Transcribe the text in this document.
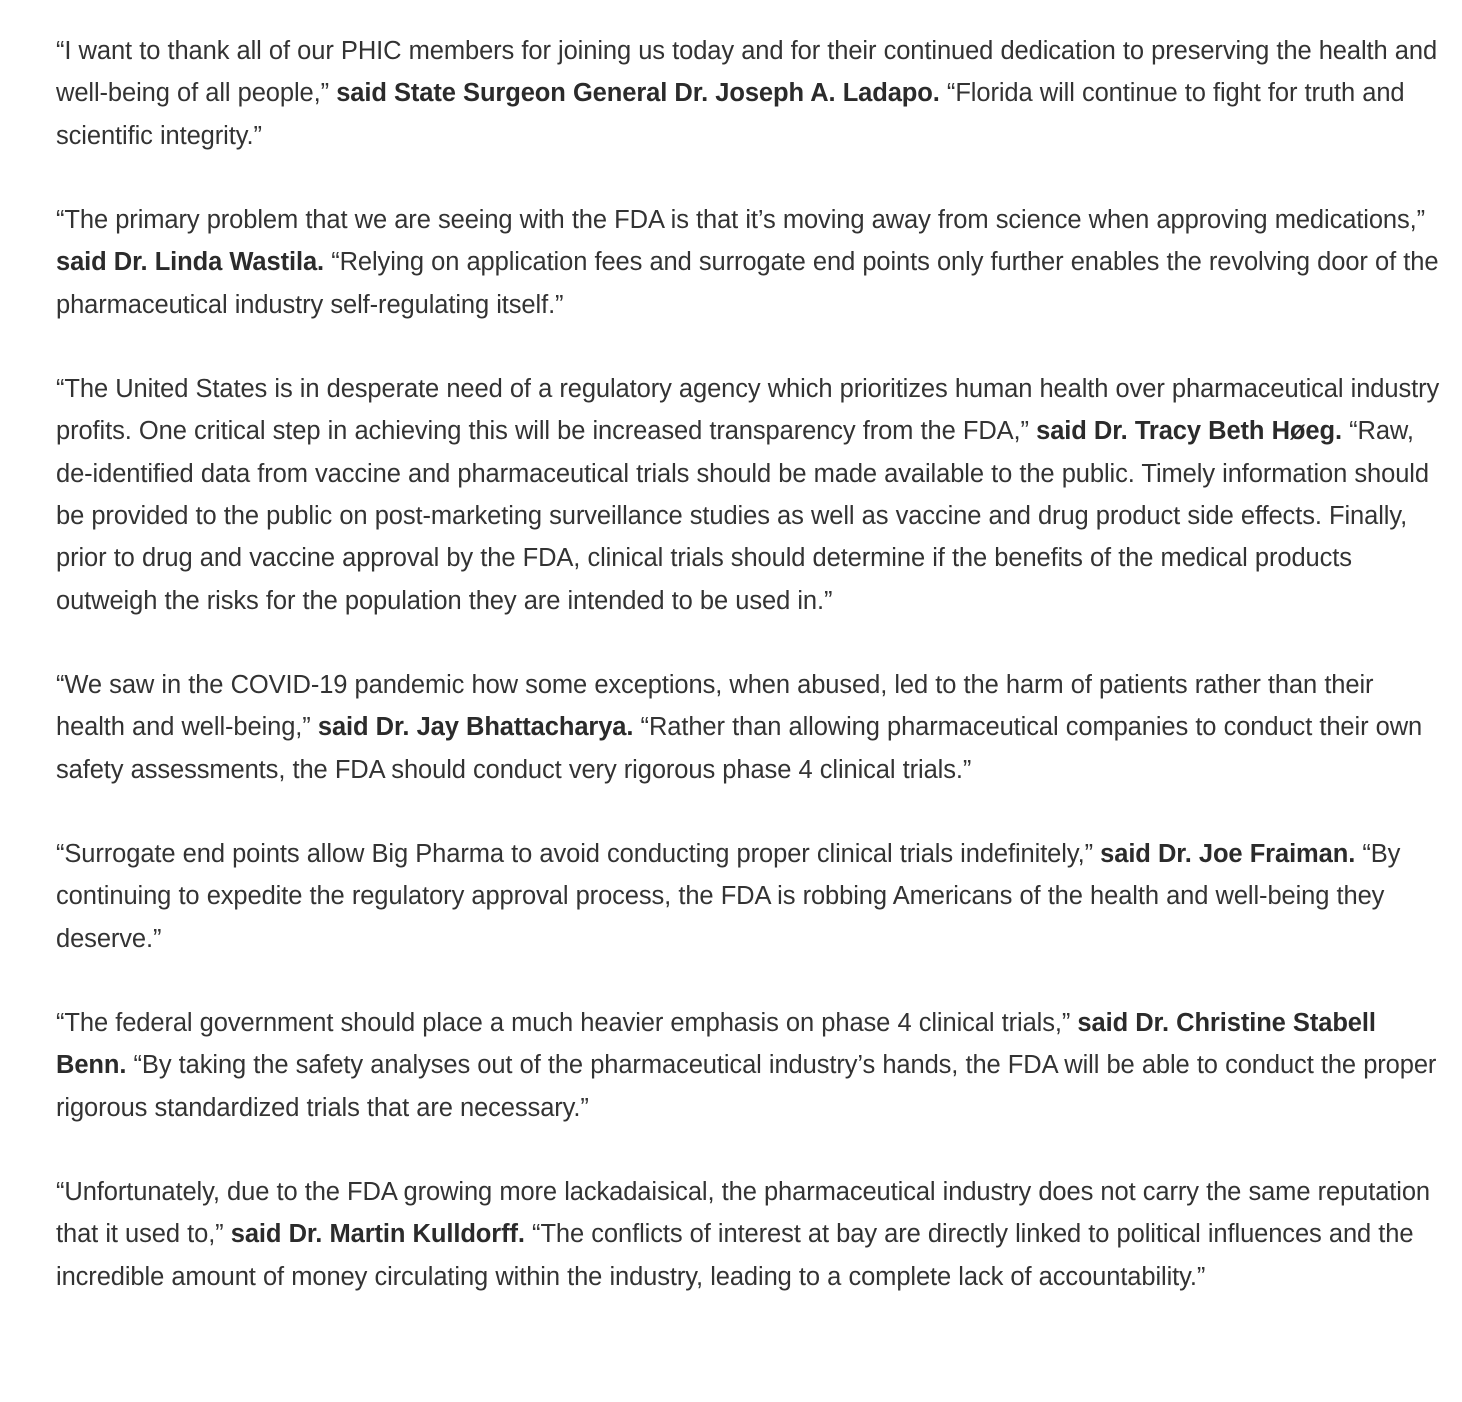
“I want to thank all of our PHIC members for joining us today and for their continued dedication to preserving the health and well-being of all people,” said State Surgeon General Dr. Joseph A. Ladapo. “Florida will continue to fight for truth and scientific integrity.”

“The primary problem that we are seeing with the FDA is that it’s moving away from science when approving medications,” said Dr. Linda Wastila. “Relying on application fees and surrogate end points only further enables the revolving door of the pharmaceutical industry self-regulating itself.”

“The United States is in desperate need of a regulatory agency which prioritizes human health over pharmaceutical industry profits. One critical step in achieving this will be increased transparency from the FDA,” said Dr. Tracy Beth Høeg. “Raw, de-identified data from vaccine and pharmaceutical trials should be made available to the public. Timely information should be provided to the public on post-marketing surveillance studies as well as vaccine and drug product side effects. Finally, prior to drug and vaccine approval by the FDA, clinical trials should determine if the benefits of the medical products outweigh the risks for the population they are intended to be used in.”

“We saw in the COVID-19 pandemic how some exceptions, when abused, led to the harm of patients rather than their health and well-being,” said Dr. Jay Bhattacharya. “Rather than allowing pharmaceutical companies to conduct their own safety assessments, the FDA should conduct very rigorous phase 4 clinical trials.”

“Surrogate end points allow Big Pharma to avoid conducting proper clinical trials indefinitely,” said Dr. Joe Fraiman. “By continuing to expedite the regulatory approval process, the FDA is robbing Americans of the health and well-being they deserve.”

“The federal government should place a much heavier emphasis on phase 4 clinical trials,” said Dr. Christine Stabell Benn. “By taking the safety analyses out of the pharmaceutical industry’s hands, the FDA will be able to conduct the proper rigorous standardized trials that are necessary.”

“Unfortunately, due to the FDA growing more lackadaisical, the pharmaceutical industry does not carry the same reputation that it used to,” said Dr. Martin Kulldorff. “The conflicts of interest at bay are directly linked to political influences and the incredible amount of money circulating within the industry, leading to a complete lack of accountability.”
